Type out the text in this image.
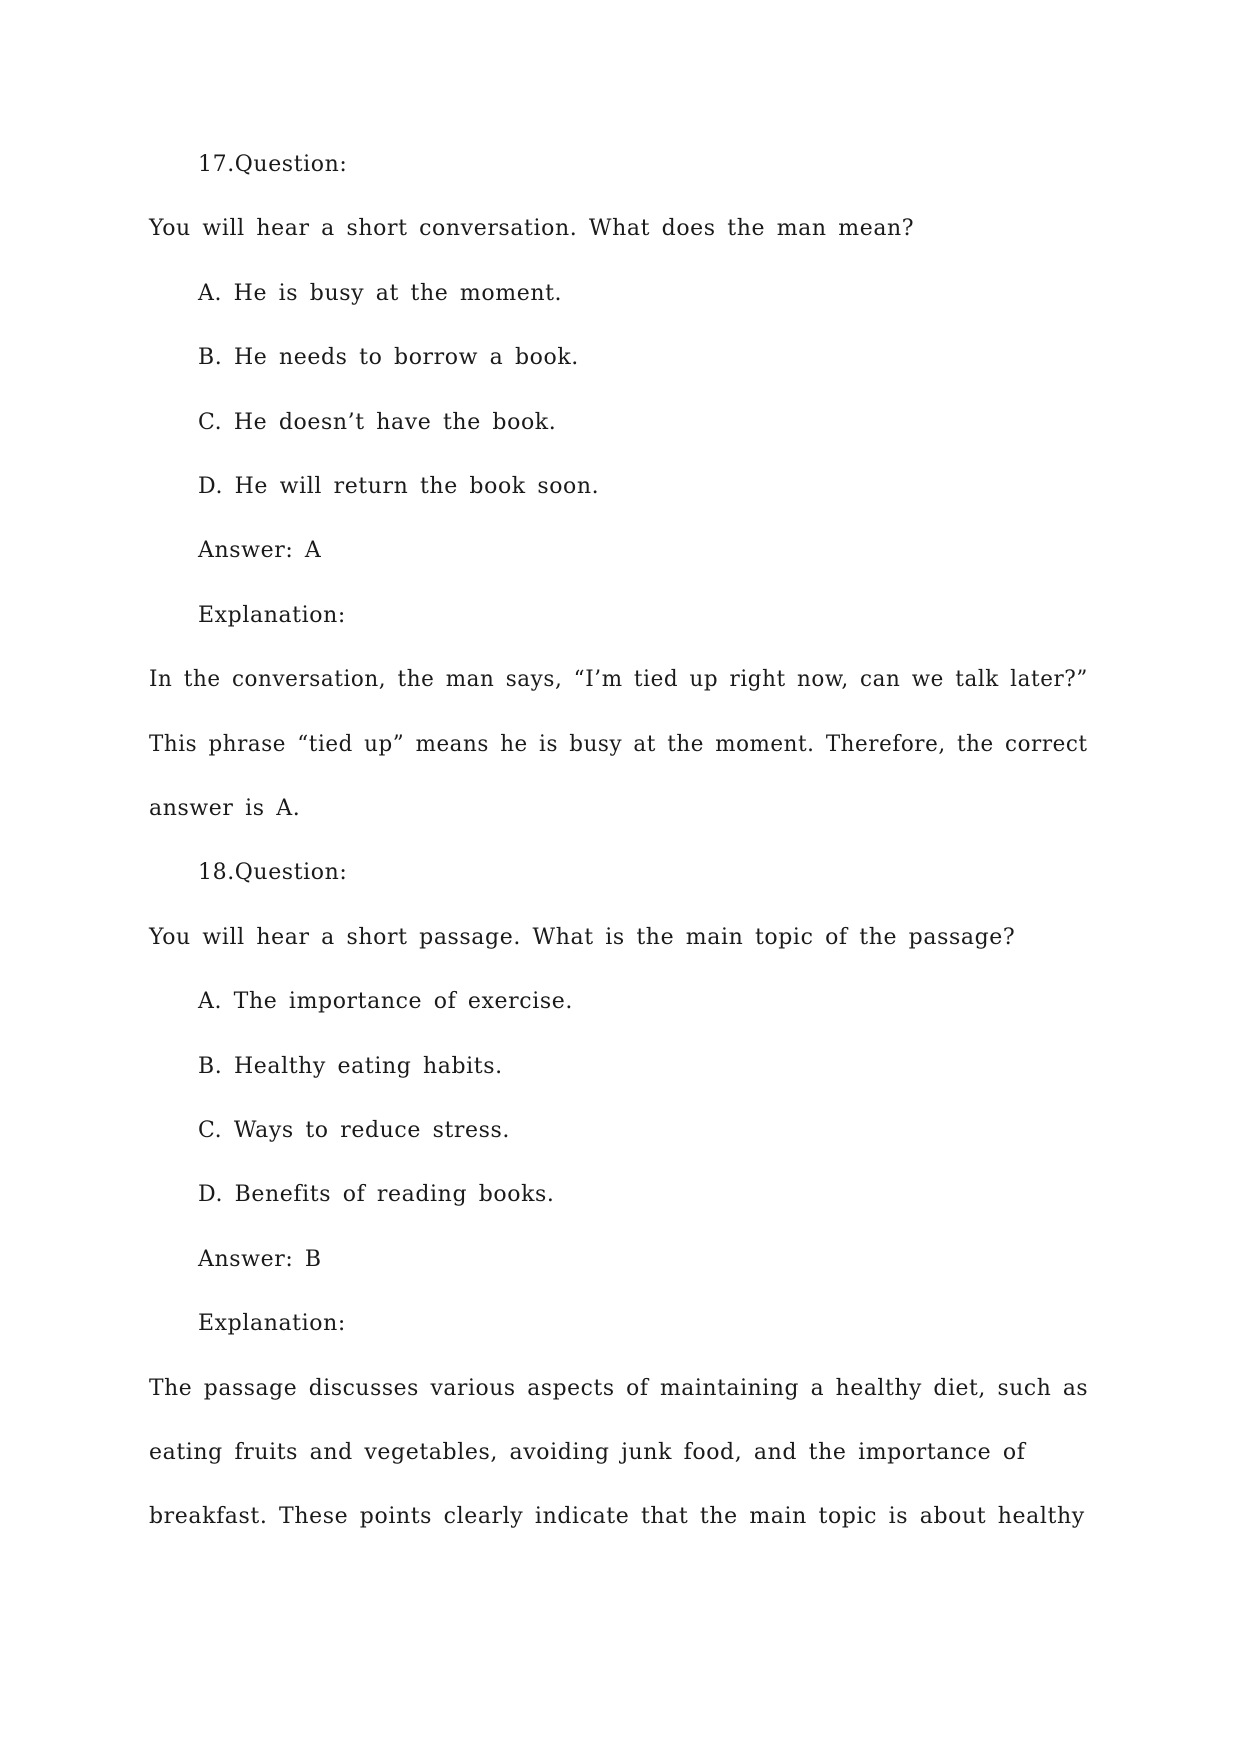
17.Question:
You will hear a short conversation. What does the man mean?
A. He is busy at the moment.
B. He needs to borrow a book.
C. He doesn’t have the book.
D. He will return the book soon.
Answer: A
Explanation:
In the conversation, the man says, “I’m tied up right now, can we talk later?”
This phrase “tied up” means he is busy at the moment. Therefore, the correct
answer is A.
18.Question:
You will hear a short passage. What is the main topic of the passage?
A. The importance of exercise.
B. Healthy eating habits.
C. Ways to reduce stress.
D. Benefits of reading books.
Answer: B
Explanation:
The passage discusses various aspects of maintaining a healthy diet, such as
eating fruits and vegetables, avoiding junk food, and the importance of
breakfast. These points clearly indicate that the main topic is about healthy
